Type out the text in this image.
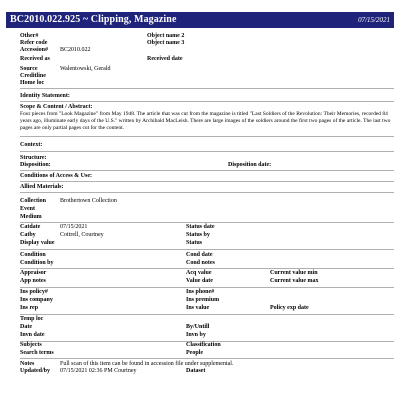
BC2010.022.925 ~ Clipping, Magazine	07/15/2021
Other#	Object name 2
Refer code	Object name 3
Accession# BC2010.022
Received as	Received date
Source	Walentowski, Gerald
Creditline
Home loc
Identity Statement:
Scope & Content / Abstract:
Four pieces from "Look Magazine" from May 1948. The article that was cut from the magazine is titled "Last Soldiers of the Revolution: Their Memories, recorded 84 years ago, illuminate early days of the U.S." written by Archibald MacLeish. There are large images of the soldiers around the first two pages of the article. The last two pages are only partial pages cut for the content.
Context:
Structure:
Disposition:	Disposition date:
Conditions of Access & Use:
Allied Materials:
Collection Brothertown Collection
Event
Medium
Catdate	07/15/2021	Status date
Catby	Cottrell, Courtney	Status by
Display value	Status
Condition	Cond date
Condition by	Cond notes
Appraisor	Acq value	Current value min
App notes	Value date	Current value max
Ins policy#	Ins phone#
Ins company	Ins premium
Ins rep	Ins value	Policy exp date
Temp loc
Date	By/Untill
Invn date	Invn by
Subjects	Classification
Search terms	People
Notes	Full scan of this item can be found in accession file under supplemental.
Updated/by 07/15/2021 02:36 PM Courtney	Dataset
